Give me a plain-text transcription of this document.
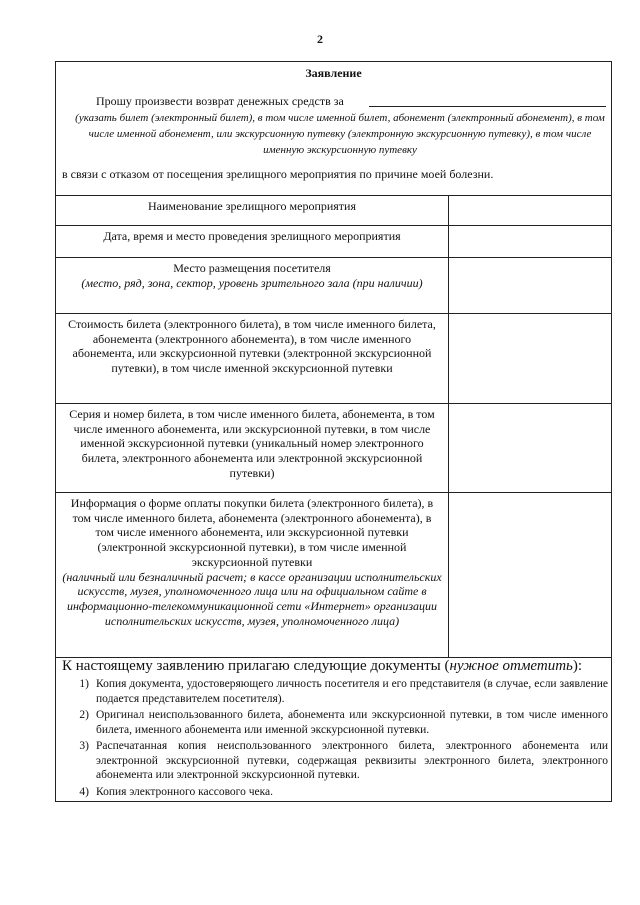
2
Заявление
Прошу произвести возврат денежных средств за
(указать билет (электронный билет), в том числе именной билет, абонемент (электронный абонемент), в том числе именной абонемент, или экскурсионную путевку (электронную экскурсионную путевку), в том числе именную экскурсионную путевку
в связи с отказом от посещения зрелищного мероприятия по причине моей болезни.
Наименование зрелищного мероприятия
Дата, время и место проведения зрелищного мероприятия
Место размещения посетителя
(место, ряд, зона, сектор, уровень зрительного зала (при наличии)
Стоимость билета (электронного билета), в том числе именного билета, абонемента (электронного абонемента), в том числе именного абонемента, или экскурсионной путевки (электронной экскурсионной путевки), в том числе именной экскурсионной путевки
Серия и номер билета, в том числе именного билета, абонемента, в том числе именного абонемента, или экскурсионной путевки, в том числе именной экскурсионной путевки (уникальный номер электронного билета, электронного абонемента или электронной экскурсионной путевки)
Информация о форме оплаты покупки билета (электронного билета), в том числе именного билета, абонемента (электронного абонемента), в том числе именного абонемента, или экскурсионной путевки (электронной экскурсионной путевки), в том числе именной экскурсионной путевки
(наличный или безналичный расчет; в кассе организации исполнительских искусств, музея, уполномоченного лица или на официальном сайте в информационно-телекоммуникационной сети «Интернет» организации исполнительских искусств, музея, уполномоченного лица)
К настоящему заявлению прилагаю следующие документы (нужное отметить):
1) Копия документа, удостоверяющего личность посетителя и его представителя (в случае, если заявление подается представителем посетителя).
2) Оригинал неиспользованного билета, абонемента или экскурсионной путевки, в том числе именного билета, именного абонемента или именной экскурсионной путевки.
3) Распечатанная копия неиспользованного электронного билета, электронного абонемента или электронной экскурсионной путевки, содержащая реквизиты электронного билета, электронного абонемента или электронной экскурсионной путевки.
4) Копия электронного кассового чека.
